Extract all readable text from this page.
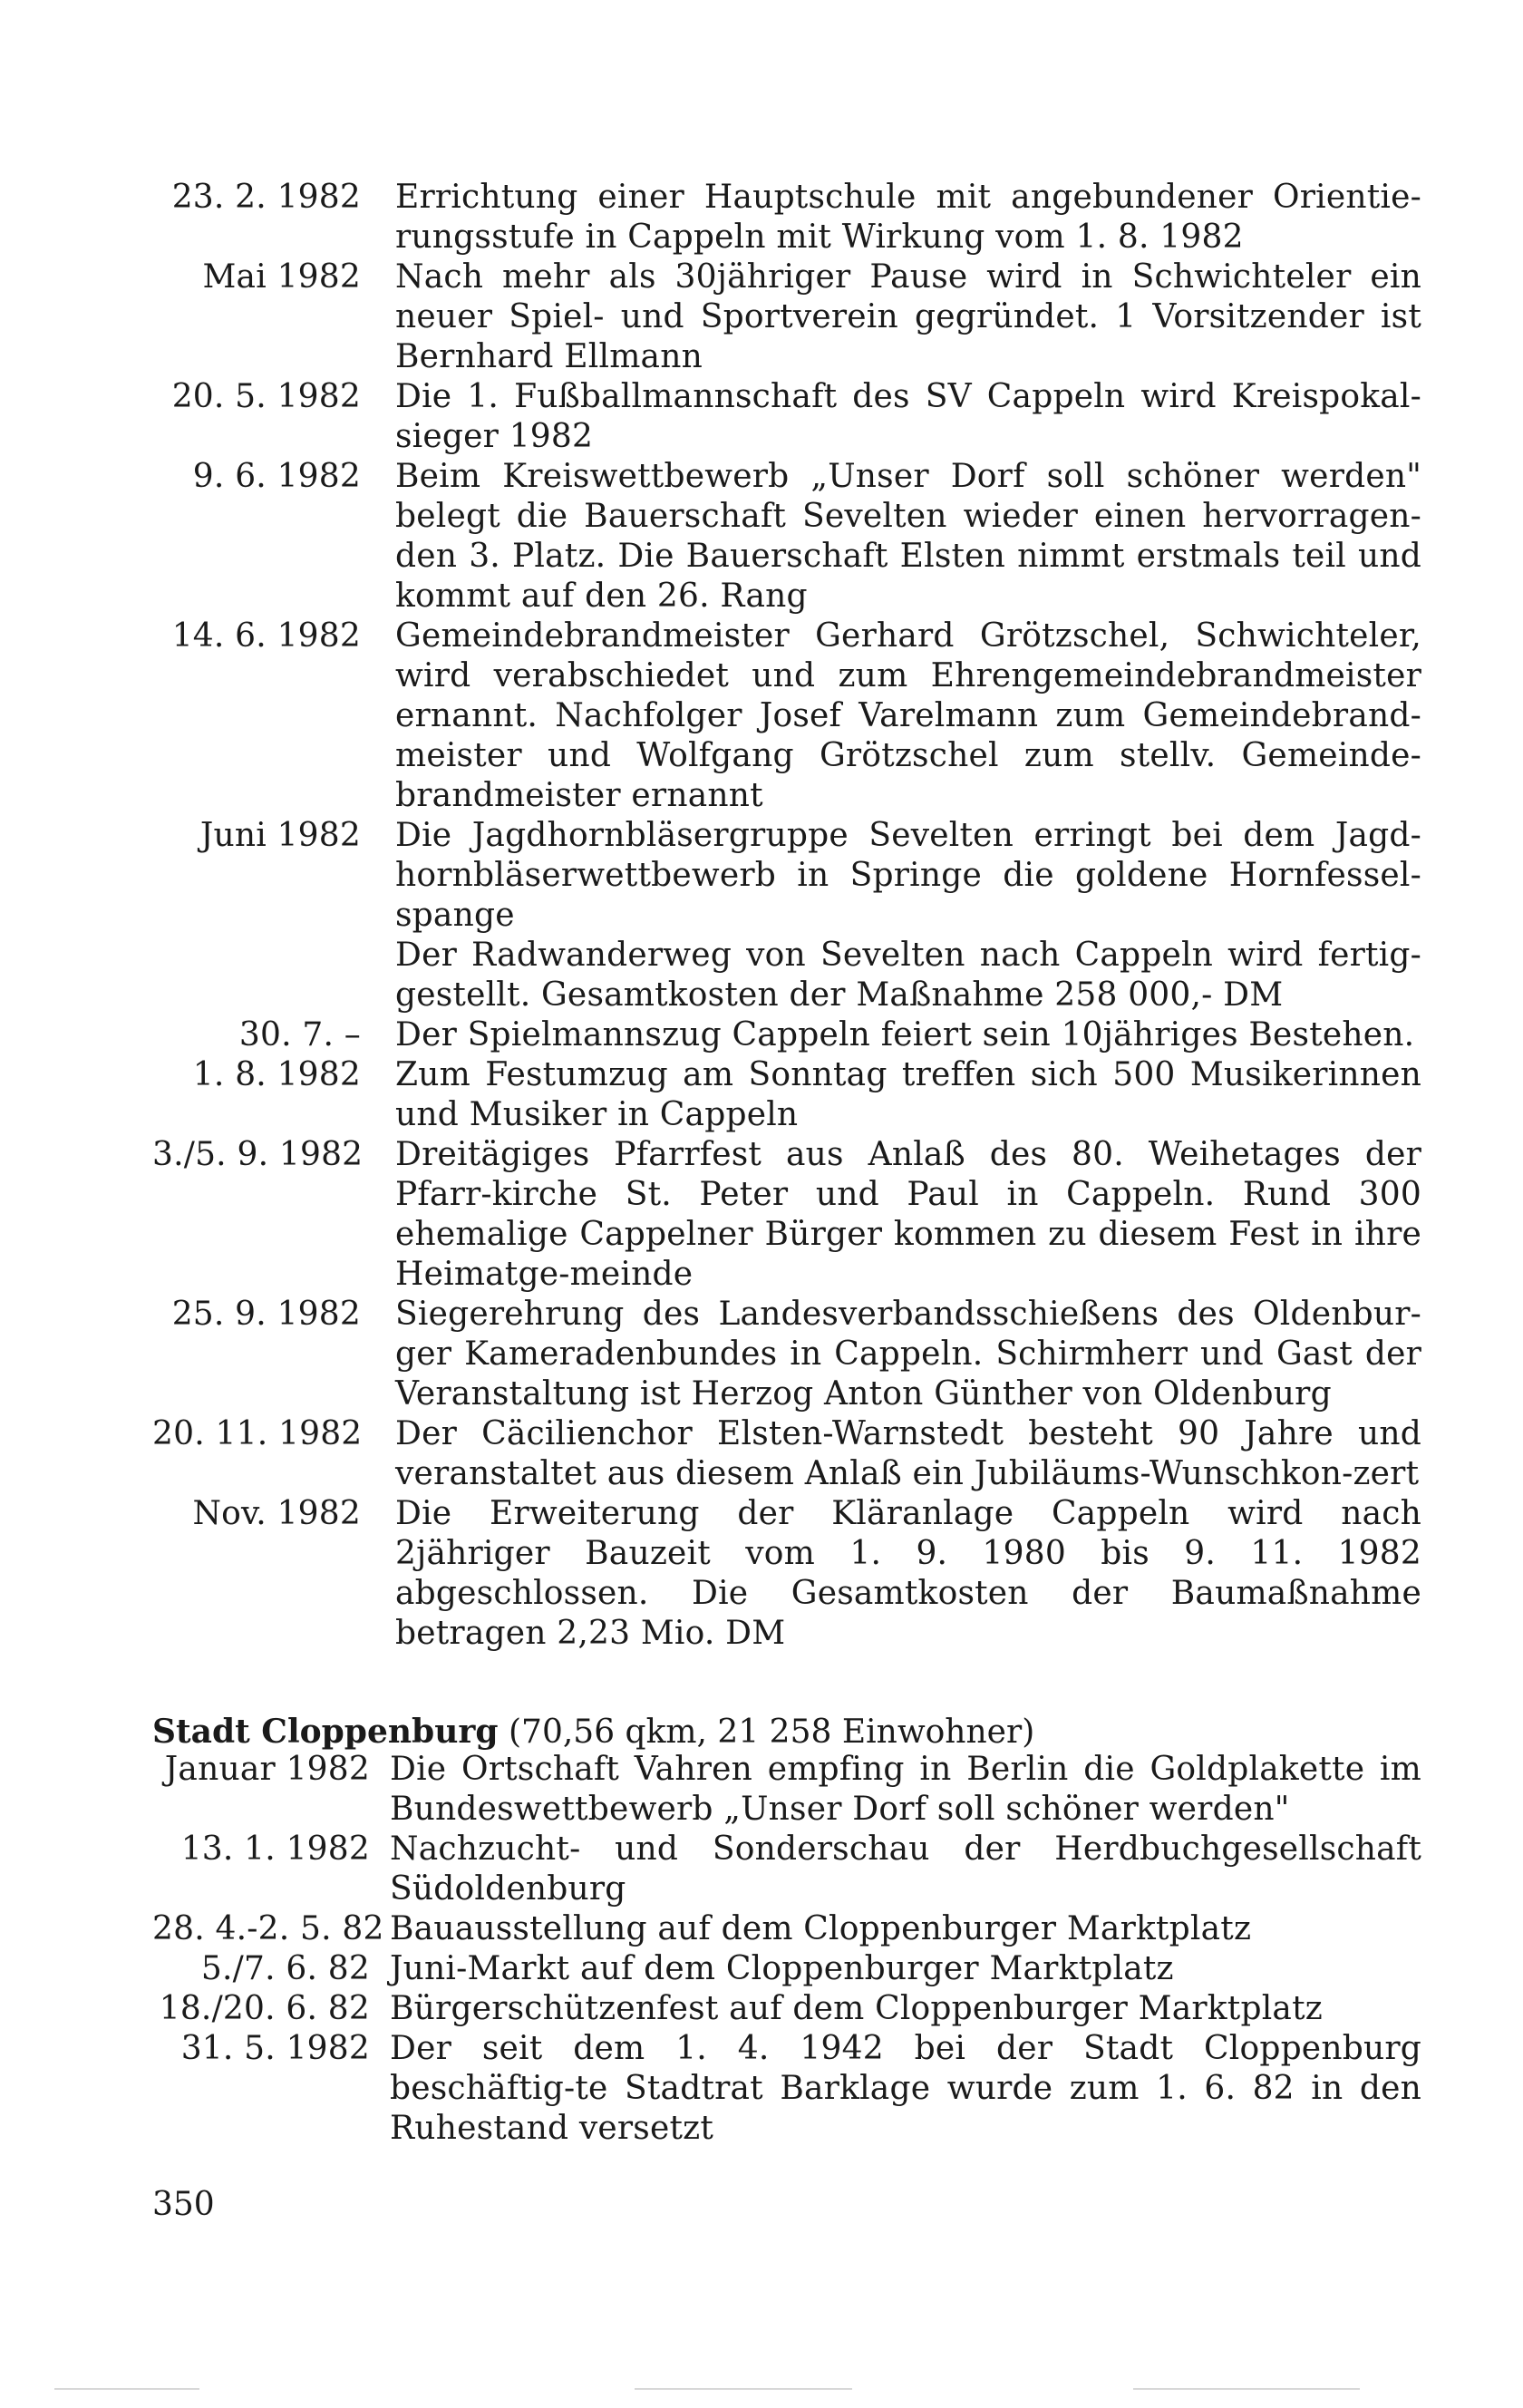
23. 2. 1982	Errichtung einer Hauptschule mit angebundener Orientie-rungsstufe in Cappeln mit Wirkung vom 1. 8. 1982
Mai 1982	Nach mehr als 30jähriger Pause wird in Schwichteler ein neuer Spiel- und Sportverein gegründet. 1 Vorsitzender ist Bernhard Ellmann
20. 5. 1982	Die 1. Fußballmannschaft des SV Cappeln wird Kreispokal-sieger 1982
9. 6. 1982	Beim Kreiswettbewerb „Unser Dorf soll schöner werden" belegt die Bauerschaft Sevelten wieder einen hervorragen-den 3. Platz. Die Bauerschaft Elsten nimmt erstmals teil und kommt auf den 26. Rang
14. 6. 1982	Gemeindebrandmeister Gerhard Grötzschel, Schwichteler, wird verabschiedet und zum Ehrengemeindebrandmeister ernannt. Nachfolger Josef Varelmann zum Gemeindebrand-meister und Wolfgang Grötzschel zum stellv. Gemeinde-brandmeister ernannt
Juni 1982	Die Jagdhornbläsergruppe Sevelten erringt bei dem Jagd-hornbläserwettbewerb in Springe die goldene Hornfessel-spange
Der Radwanderweg von Sevelten nach Cappeln wird fertig-gestellt. Gesamtkosten der Maßnahme 258 000,- DM
30. 7. –	Der Spielmannszug Cappeln feiert sein 10jähriges Bestehen.
1. 8. 1982	Zum Festumzug am Sonntag treffen sich 500 Musikerinnen und Musiker in Cappeln
3./5. 9. 1982 Dreitägiges Pfarrfest aus Anlaß des 80. Weihetages der Pfarr-kirche St. Peter und Paul in Cappeln. Rund 300 ehemalige Cappelner Bürger kommen zu diesem Fest in ihre Heimatge-meinde
25. 9. 1982	Siegerehrung des Landesverbandsschießens des Oldenbur-ger Kameradenbundes in Cappeln. Schirmherr und Gast der Veranstaltung ist Herzog Anton Günther von Oldenburg
20. 11. 1982	Der Cäcilienchor Elsten-Warnstedt besteht 90 Jahre und veranstaltet aus diesem Anlaß ein Jubiläums-Wunschkon-zert
Nov. 1982	Die Erweiterung der Kläranlage Cappeln wird nach 2jähriger Bauzeit vom 1. 9. 1980 bis 9. 11. 1982 abgeschlossen. Die Gesamtkosten der Baumaßnahme betragen 2,23 Mio. DM
Stadt Cloppenburg (70,56 qkm, 21 258 Einwohner)
Januar 1982 Die Ortschaft Vahren empfing in Berlin die Goldplakette im Bundeswettbewerb „Unser Dorf soll schöner werden"
13. 1. 1982 Nachzucht- und Sonderschau der Herdbuchgesellschaft Südoldenburg
28. 4.-2. 5. 82 Bauausstellung auf dem Cloppenburger Marktplatz
5./7. 6. 82 Juni-Markt auf dem Cloppenburger Marktplatz
18./20. 6. 82 Bürgerschützenfest auf dem Cloppenburger Marktplatz
31. 5. 1982 Der seit dem 1. 4. 1942 bei der Stadt Cloppenburg beschäftig-te Stadtrat Barklage wurde zum 1. 6. 82 in den Ruhestand versetzt
350
